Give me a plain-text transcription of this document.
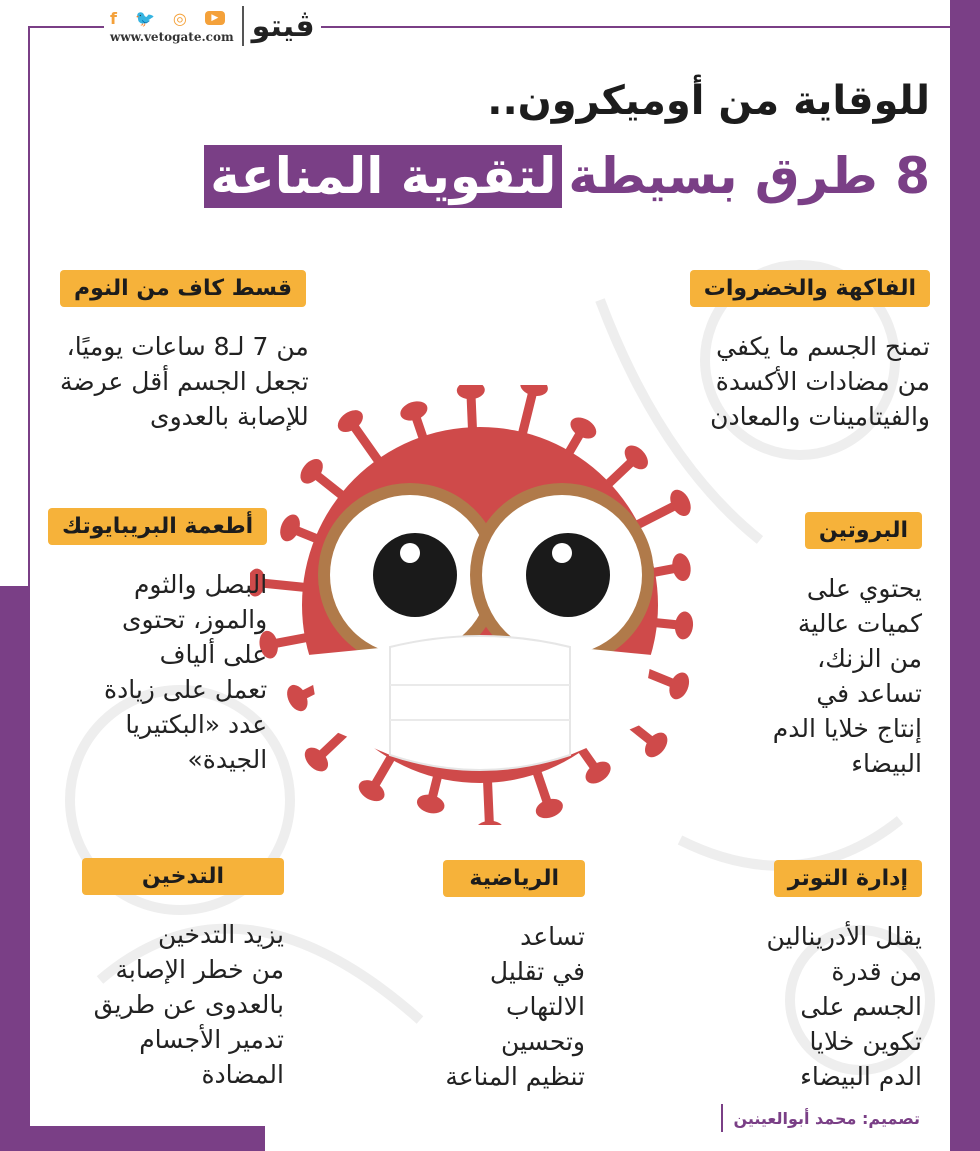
f 🐦 ◎	▶
www.vetogate.com ڤيتو
للوقاية من أوميكرون..
8 طرق بسيطة
لتقوية المناعة
الفاكهة والخضروات
تمنح الجسم ما يكفي
من مضادات الأكسدة
والفيتامينات والمعادن
قسط كاف من النوم
من 7 لـ8 ساعات يوميًا،
تجعل الجسم أقل عرضة
للإصابة بالعدوى
البروتين
يحتوي على
كميات عالية
من الزنك،
تساعد في
إنتاج خلايا الدم
البيضاء
أطعمة البريبايوتك
البصل والثوم
والموز، تحتوى
على ألياف
تعمل على زيادة
عدد «البكتيريا
الجيدة»
إدارة التوتر
يقلل الأدرينالين
من قدرة
الجسم على
تكوين خلايا
الدم البيضاء
الرياضية
تساعد
في تقليل
الالتهاب
وتحسين
تنظيم المناعة
التدخين
يزيد التدخين
من خطر الإصابة
بالعدوى عن طريق
تدمير الأجسام
المضادة
تصميم: محمد أبوالعينين
